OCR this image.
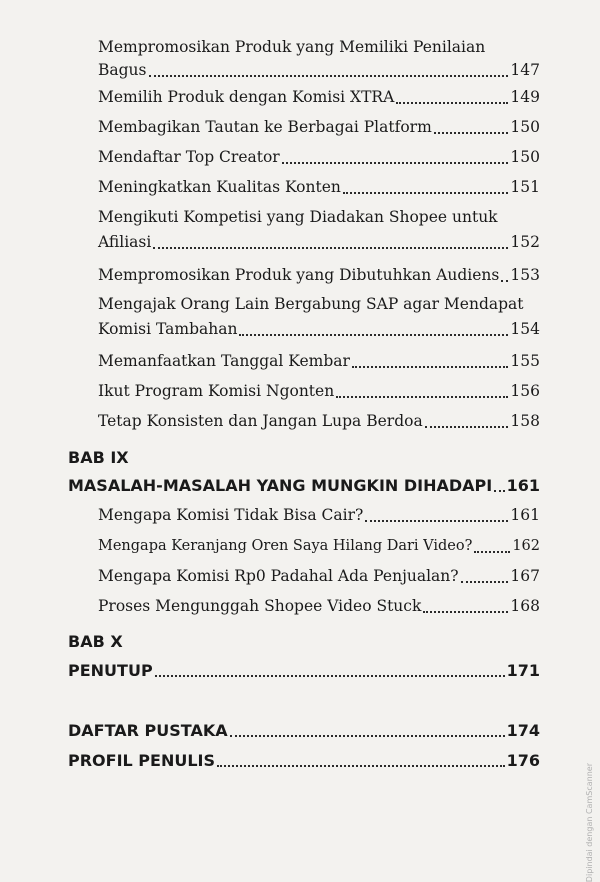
Mempromosikan Produk yang Memiliki Penilaian
Bagus	147
Memilih Produk dengan Komisi XTRA	149
Membagikan Tautan ke Berbagai Platform	150
Mendaftar Top Creator	150
Meningkatkan Kualitas Konten	151
Mengikuti Kompetisi yang Diadakan Shopee untuk
Afiliasi	152
Mempromosikan Produk yang Dibutuhkan Audiens 153
Mengajak Orang Lain Bergabung SAP agar Mendapat
Komisi Tambahan	154
Memanfaatkan Tanggal Kembar	155
Ikut Program Komisi Ngonten	156
Tetap Konsisten dan Jangan Lupa Berdoa	158
BAB IX
MASALAH-MASALAH YANG MUNGKIN DIHADAPI 161
Mengapa Komisi Tidak Bisa Cair?	161
Mengapa Keranjang Oren Saya Hilang Dari Video?	162
Mengapa Komisi Rp0 Padahal Ada Penjualan?	167
Proses Mengunggah Shopee Video Stuck	168
BAB X
PENUTUP	171
DAFTAR PUSTAKA	174
PROFIL PENULIS	176
Dipindai dengan CamScanner
